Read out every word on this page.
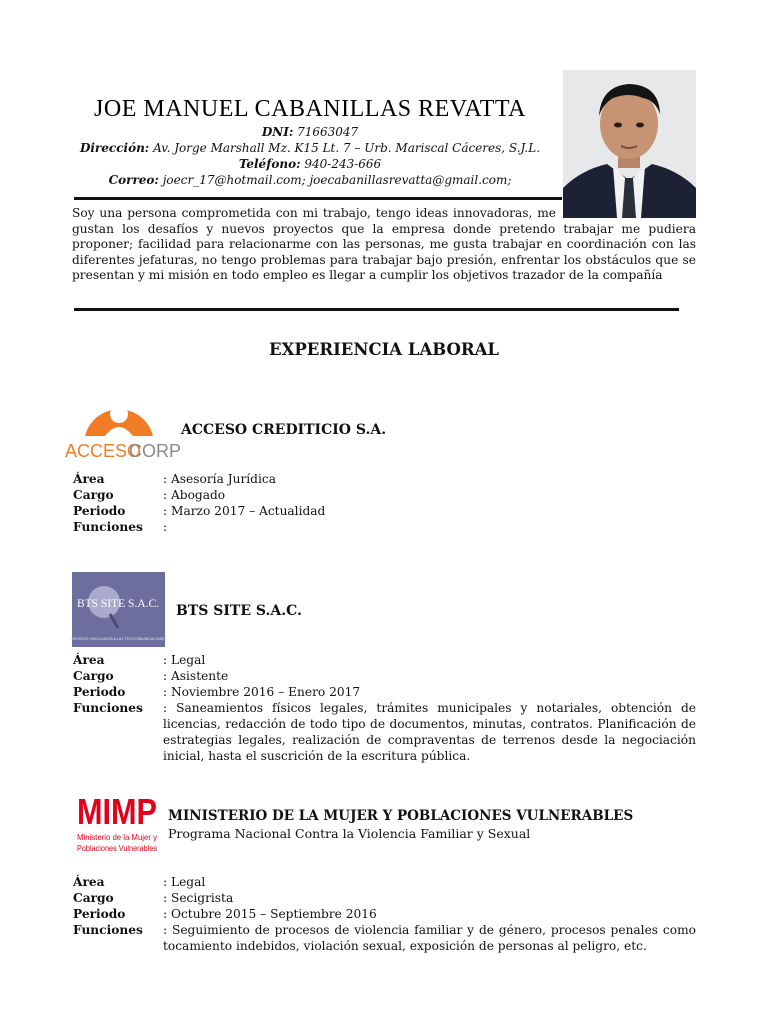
JOE MANUEL CABANILLAS REVATTA
DNI: 71663047
Dirección: Av. Jorge Marshall Mz. K15 Lt. 7 – Urb. Mariscal Cáceres, S.J.L.
Teléfono: 940-243-666
Correo: joecr_17@hotmail.com; joecabanillasrevatta@gmail.com;

Soy una persona comprometida con mi trabajo, tengo ideas innovadoras, me gustan los desafíos y nuevos proyectos que la empresa donde pretendo trabajar me pudiera proponer; facilidad para relacionarme con las personas, me gusta trabajar en coordinación con las diferentes jefaturas, no tengo problemas para trabajar bajo presión, enfrentar los obstáculos que se presentan y mi misión en todo empleo es llegar a cumplir los objetivos trazador de la compañía

EXPERIENCIA LABORAL
ACCESO
CORP
ACCESO CREDITICIO S.A.
Área	: Asesoría Jurídica
Cargo	: Abogado
Periodo	: Marzo 2017 – Actualidad
Funciones	:
BTS SITE S.A.C.
SERVICIOS VINCULADOS A LAS TELECOMUNICACIONES
BTS SITE S.A.C.
Área	: Legal
Cargo	: Asistente
Periodo	: Noviembre 2016 – Enero 2017
Funciones	: Saneamientos físicos legales, trámites municipales y notariales, obtención de licencias, redacción de todo tipo de documentos, minutas, contratos. Planificación de estrategias legales, realización de compraventas de terrenos desde la negociación inicial, hasta el suscrición de la escritura pública.
MIMP
Ministerio de la Mujer y
Poblaciones Vulnerables
MINISTERIO DE LA MUJER Y POBLACIONES VULNERABLES
Programa Nacional Contra la Violencia Familiar y Sexual
Área	: Legal
Cargo	: Secigrista
Periodo	: Octubre 2015 – Septiembre 2016
Funciones	: Seguimiento de procesos de violencia familiar y de género, procesos penales como tocamiento indebidos, violación sexual, exposición de personas al peligro, etc.
